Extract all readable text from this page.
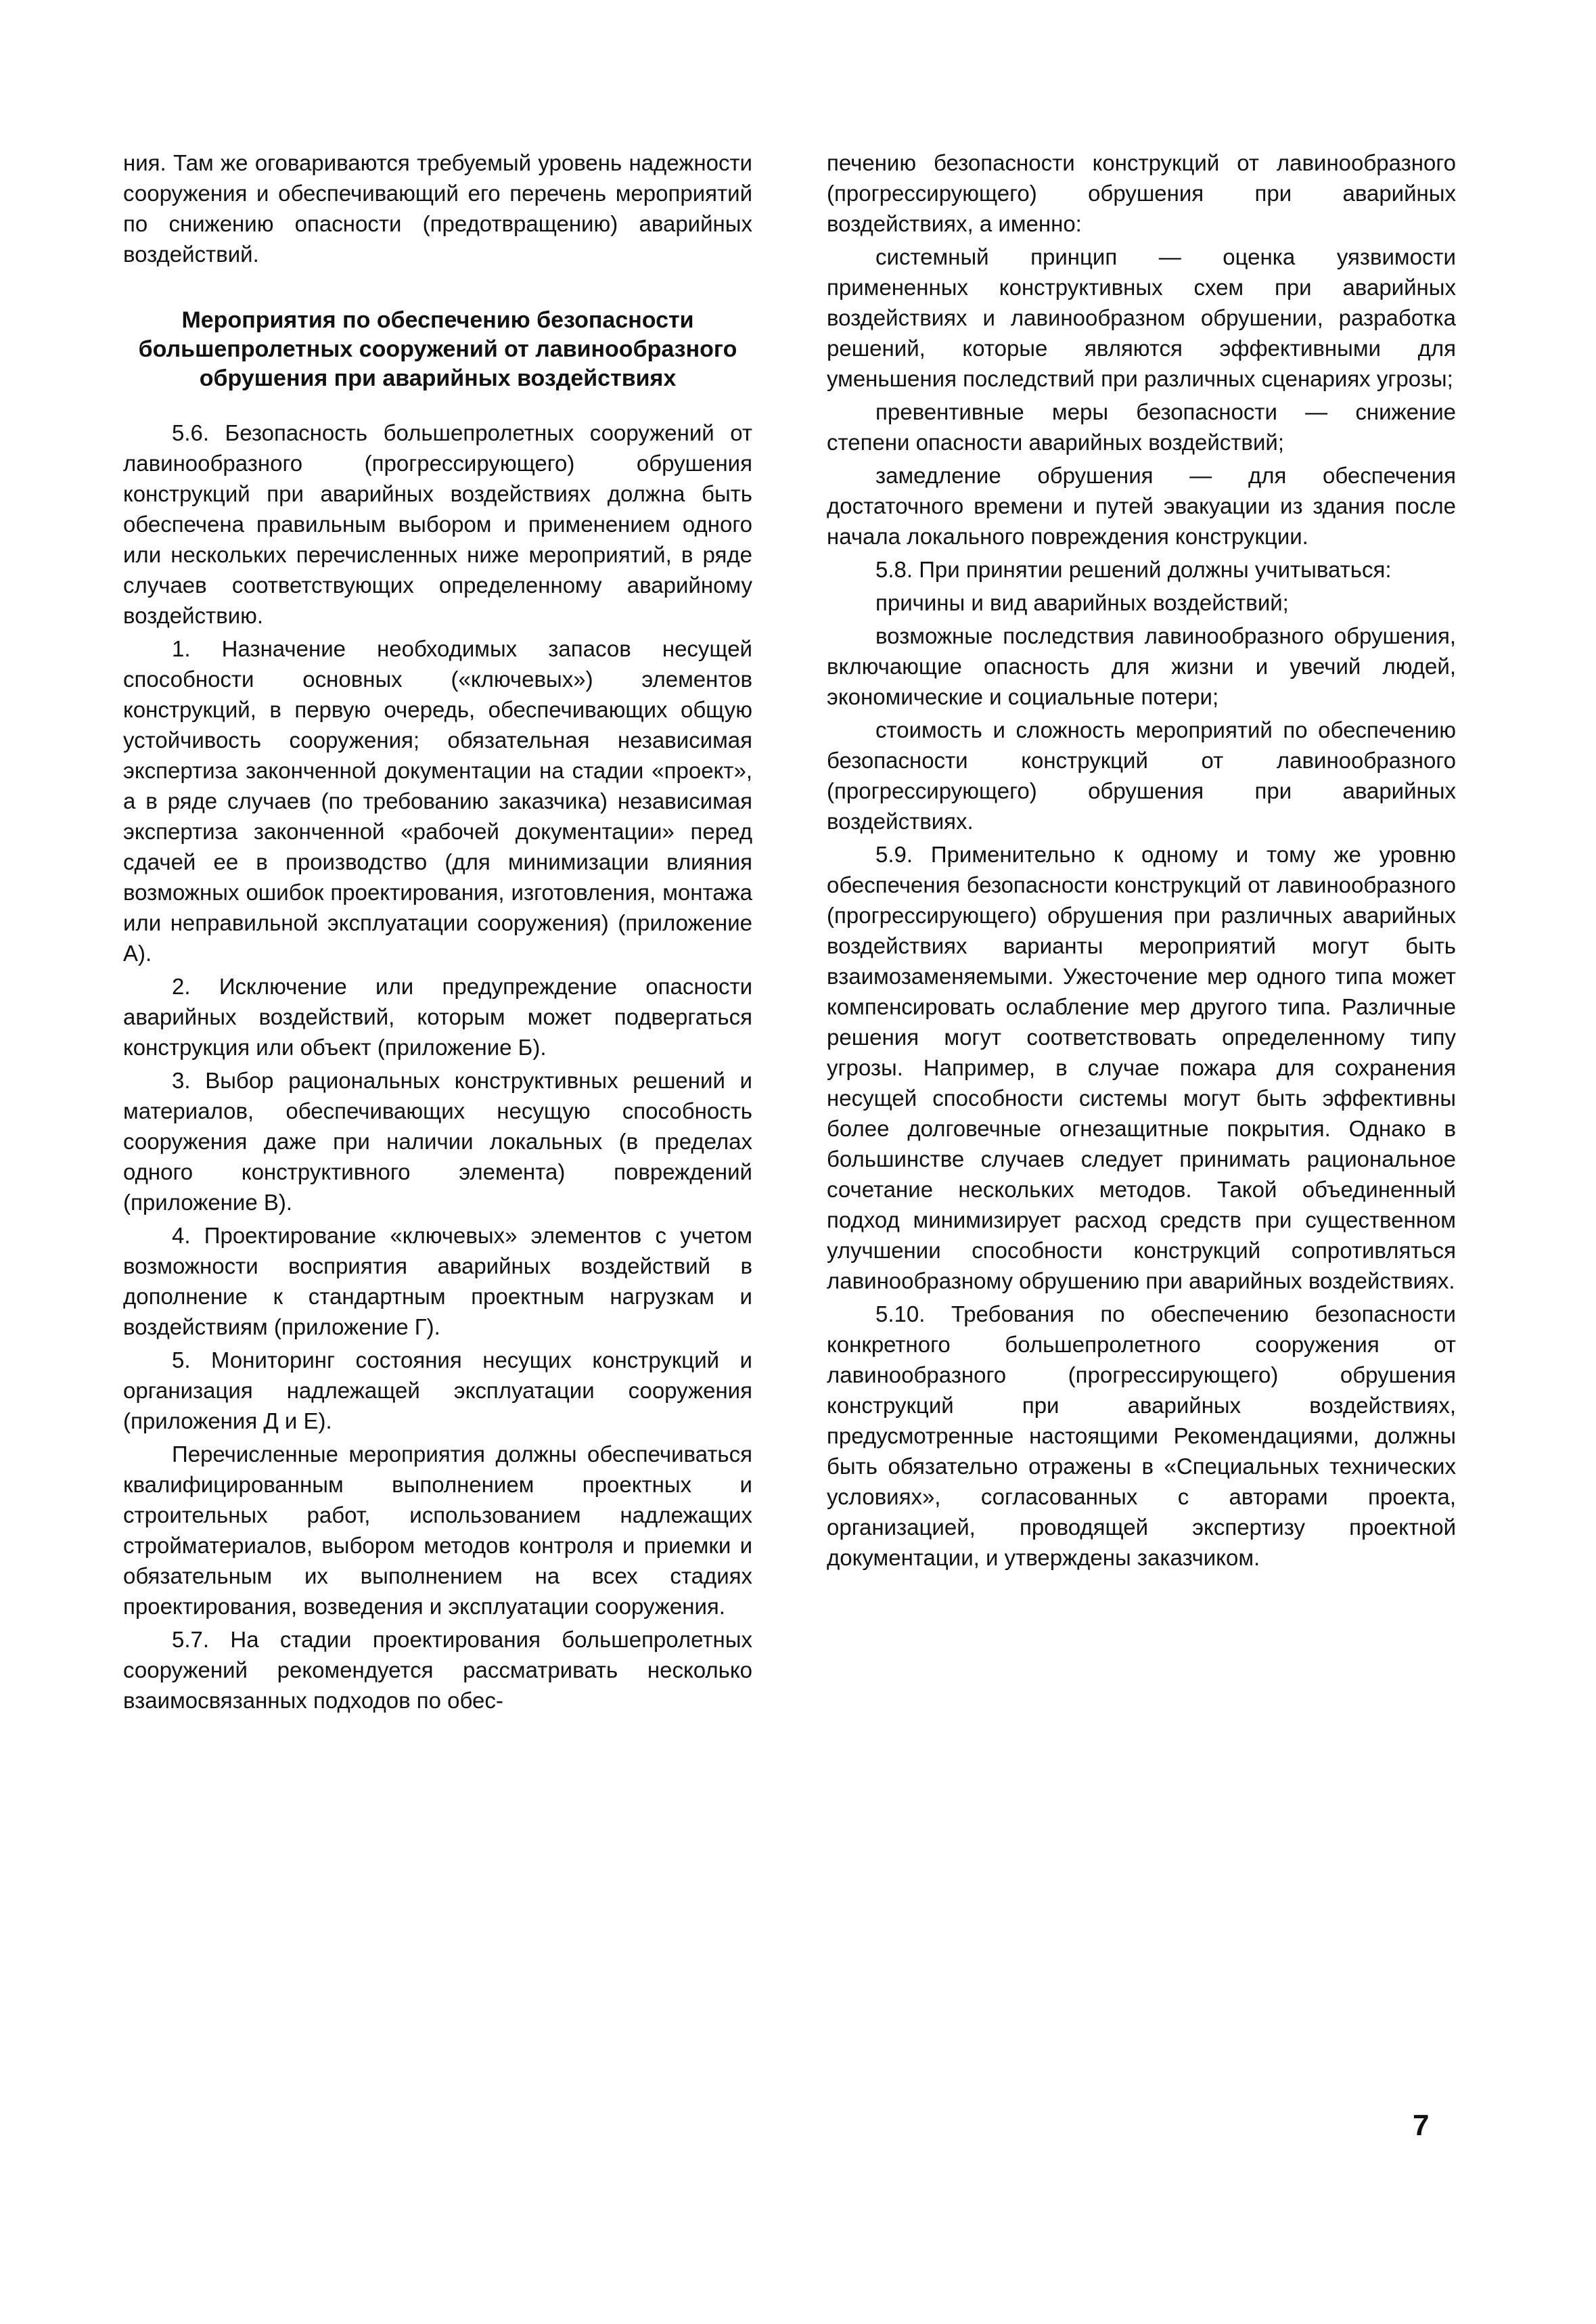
ния. Там же оговариваются требуемый уровень надежности сооружения и обеспечивающий его перечень мероприятий по снижению опасности (предотвращению) аварийных воздействий.

Мероприятия по обеспечению безопасности большепролетных сооружений от лавинообразного обрушения при аварийных воздействиях

5.6. Безопасность большепролетных сооружений от лавинообразного (прогрессирующего) обрушения конструкций при аварийных воздействиях должна быть обеспечена правильным выбором и применением одного или нескольких перечисленных ниже мероприятий, в ряде случаев соответствующих определенному аварийному воздействию.

1. Назначение необходимых запасов несущей способности основных («ключевых») элементов конструкций, в первую очередь, обеспечивающих общую устойчивость сооружения; обязательная независимая экспертиза законченной документации на стадии «проект», а в ряде случаев (по требованию заказчика) независимая экспертиза законченной «рабочей документации» перед сдачей ее в производство (для минимизации влияния возможных ошибок проектирования, изготовления, монтажа или неправильной эксплуатации сооружения) (приложение А).

2. Исключение или предупреждение опасности аварийных воздействий, которым может подвергаться конструкция или объект (приложение Б).

3. Выбор рациональных конструктивных решений и материалов, обеспечивающих несущую способность сооружения даже при наличии локальных (в пределах одного конструктивного элемента) повреждений (приложение В).

4. Проектирование «ключевых» элементов с учетом возможности восприятия аварийных воздействий в дополнение к стандартным проектным нагрузкам и воздействиям (приложение Г).

5. Мониторинг состояния несущих конструкций и организация надлежащей эксплуатации сооружения (приложения Д и Е).

Перечисленные мероприятия должны обеспечиваться квалифицированным выполнением проектных и строительных работ, использованием надлежащих стройматериалов, выбором методов контроля и приемки и обязательным их выполнением на всех стадиях проектирования, возведения и эксплуатации сооружения.

5.7. На стадии проектирования большепролетных сооружений рекомендуется рассматривать несколько взаимосвязанных подходов по обес-

печению безопасности конструкций от лавинообразного (прогрессирующего) обрушения при аварийных воздействиях, а именно:

системный принцип — оценка уязвимости примененных конструктивных схем при аварийных воздействиях и лавинообразном обрушении, разработка решений, которые являются эффективными для уменьшения последствий при различных сценариях угрозы;

превентивные меры безопасности — снижение степени опасности аварийных воздействий;

замедление обрушения — для обеспечения достаточного времени и путей эвакуации из здания после начала локального повреждения конструкции.

5.8. При принятии решений должны учитываться:

причины и вид аварийных воздействий;

возможные последствия лавинообразного обрушения, включающие опасность для жизни и увечий людей, экономические и социальные потери;

стоимость и сложность мероприятий по обеспечению безопасности конструкций от лавинообразного (прогрессирующего) обрушения при аварийных воздействиях.

5.9. Применительно к одному и тому же уровню обеспечения безопасности конструкций от лавинообразного (прогрессирующего) обрушения при различных аварийных воздействиях варианты мероприятий могут быть взаимозаменяемыми. Ужесточение мер одного типа может компенсировать ослабление мер другого типа. Различные решения могут соответствовать определенному типу угрозы. Например, в случае пожара для сохранения несущей способности системы могут быть эффективны более долговечные огнезащитные покрытия. Однако в большинстве случаев следует принимать рациональное сочетание нескольких методов. Такой объединенный подход минимизирует расход средств при существенном улучшении способности конструкций сопротивляться лавинообразному обрушению при аварийных воздействиях.

5.10. Требования по обеспечению безопасности конкретного большепролетного сооружения от лавинообразного (прогрессирующего) обрушения конструкций при аварийных воздействиях, предусмотренные настоящими Рекомендациями, должны быть обязательно отражены в «Специальных технических условиях», согласованных с авторами проекта, организацией, проводящей экспертизу проектной документации, и утверждены заказчиком.

7
